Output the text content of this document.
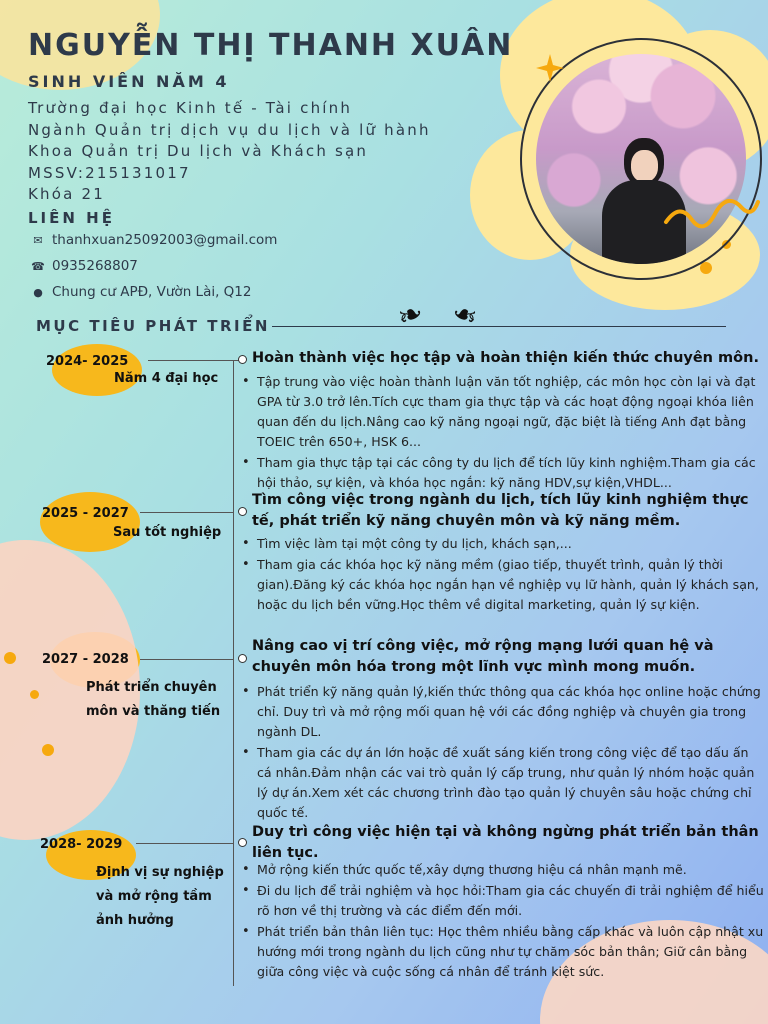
NGUYỄN THỊ THANH XUÂN
SINH VIÊN NĂM 4
Trường đại học Kinh tế - Tài chính
Ngành Quản trị dịch vụ du lịch và lữ hành
Khoa Quản trị Du lịch và Khách sạn
MSSV:215131017
Khóa 21
LIÊN HỆ
✉ thanhxuan25092003@gmail.com
☎ 0935268807
● Chung cư APĐ, Vườn Lài, Q12
MỤC TIÊU PHÁT TRIỂN	❧ ❧
2024- 2025
Năm 4 đại học
Hoàn thành việc học tập và hoàn thiện kiến thức chuyên môn.
• Tập trung vào việc hoàn thành luận văn tốt nghiệp, các môn học còn lại và đạt GPA từ 3.0 trở lên.Tích cực tham gia thực tập và các hoạt động ngoại khóa liên quan đến du lịch.Nâng cao kỹ năng ngoại ngữ, đặc biệt là tiếng Anh đạt bằng TOEIC trên 650+, HSK 6...
• Tham gia thực tập tại các công ty du lịch để tích lũy kinh nghiệm.Tham gia các hội thảo, sự kiện, và khóa học ngắn: kỹ năng HDV,sự kiện,VHDL...
2025 - 2027
Sau tốt nghiệp
Tìm công việc trong ngành du lịch, tích lũy kinh nghiệm thực tế, phát triển kỹ năng chuyên môn và kỹ năng mềm.
• Tìm việc làm tại một công ty du lịch, khách sạn,...
• Tham gia các khóa học kỹ năng mềm (giao tiếp, thuyết trình, quản lý thời gian).Đăng ký các khóa học ngắn hạn về nghiệp vụ lữ hành, quản lý khách sạn, hoặc du lịch bền vững.Học thêm về digital marketing, quản lý sự kiện.
2027 - 2028
Phát triển chuyên
môn và thăng tiến
Nâng cao vị trí công việc, mở rộng mạng lưới quan hệ và chuyên môn hóa trong một lĩnh vực mình mong muốn.
• Phát triển kỹ năng quản lý,kiến thức thông qua các khóa học online hoặc chứng chỉ. Duy trì và mở rộng mối quan hệ với các đồng nghiệp và chuyên gia trong ngành DL.
• Tham gia các dự án lớn hoặc đề xuất sáng kiến trong công việc để tạo dấu ấn cá nhân.Đảm nhận các vai trò quản lý cấp trung, như quản lý nhóm hoặc quản lý dự án.Xem xét các chương trình đào tạo quản lý chuyên sâu hoặc chứng chỉ quốc tế.
2028- 2029
Định vị sự nghiệp
và mở rộng tầm
ảnh hưởng
Duy trì công việc hiện tại và không ngừng phát triển bản thân liên tục.
• Mở rộng kiến thức quốc tế,xây dựng thương hiệu cá nhân mạnh mẽ.
• Đi du lịch để trải nghiệm và học hỏi:Tham gia các chuyến đi trải nghiệm để hiểu rõ hơn về thị trường và các điểm đến mới.
• Phát triển bản thân liên tục: Học thêm nhiều bằng cấp khác và luôn cập nhật xu hướng mới trong ngành du lịch cũng như tự chăm sóc bản thân; Giữ cân bằng giữa công việc và cuộc sống cá nhân để tránh kiệt sức.
